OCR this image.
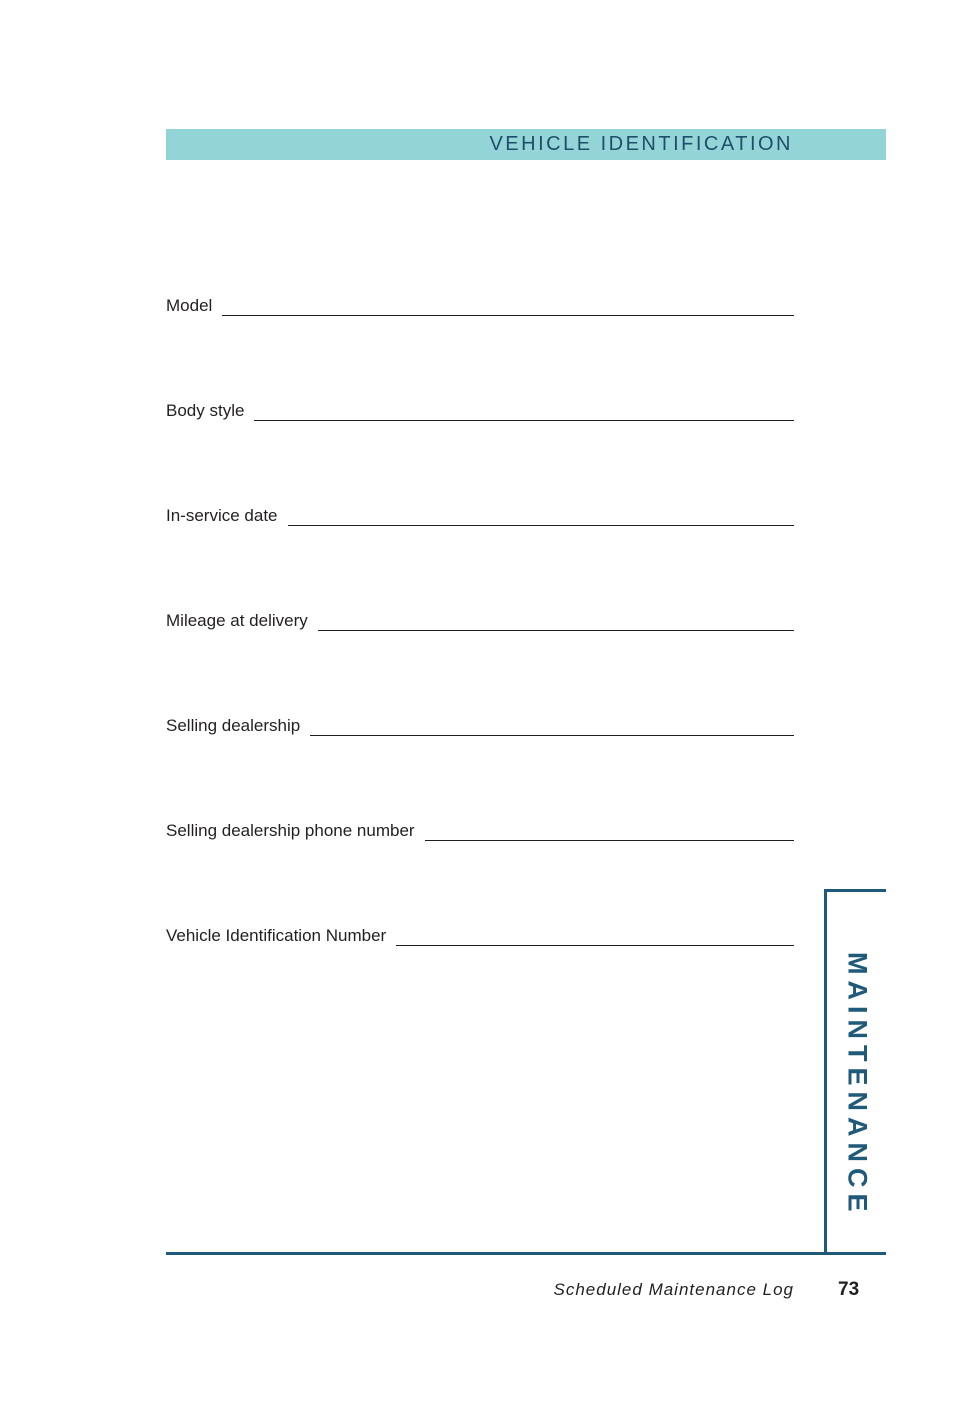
VEHICLE IDENTIFICATION
Model
Body style
In-service date
Mileage at delivery
Selling dealership
Selling dealership phone number
Vehicle Identification Number
MAINTENANCE
Scheduled Maintenance Log 73
